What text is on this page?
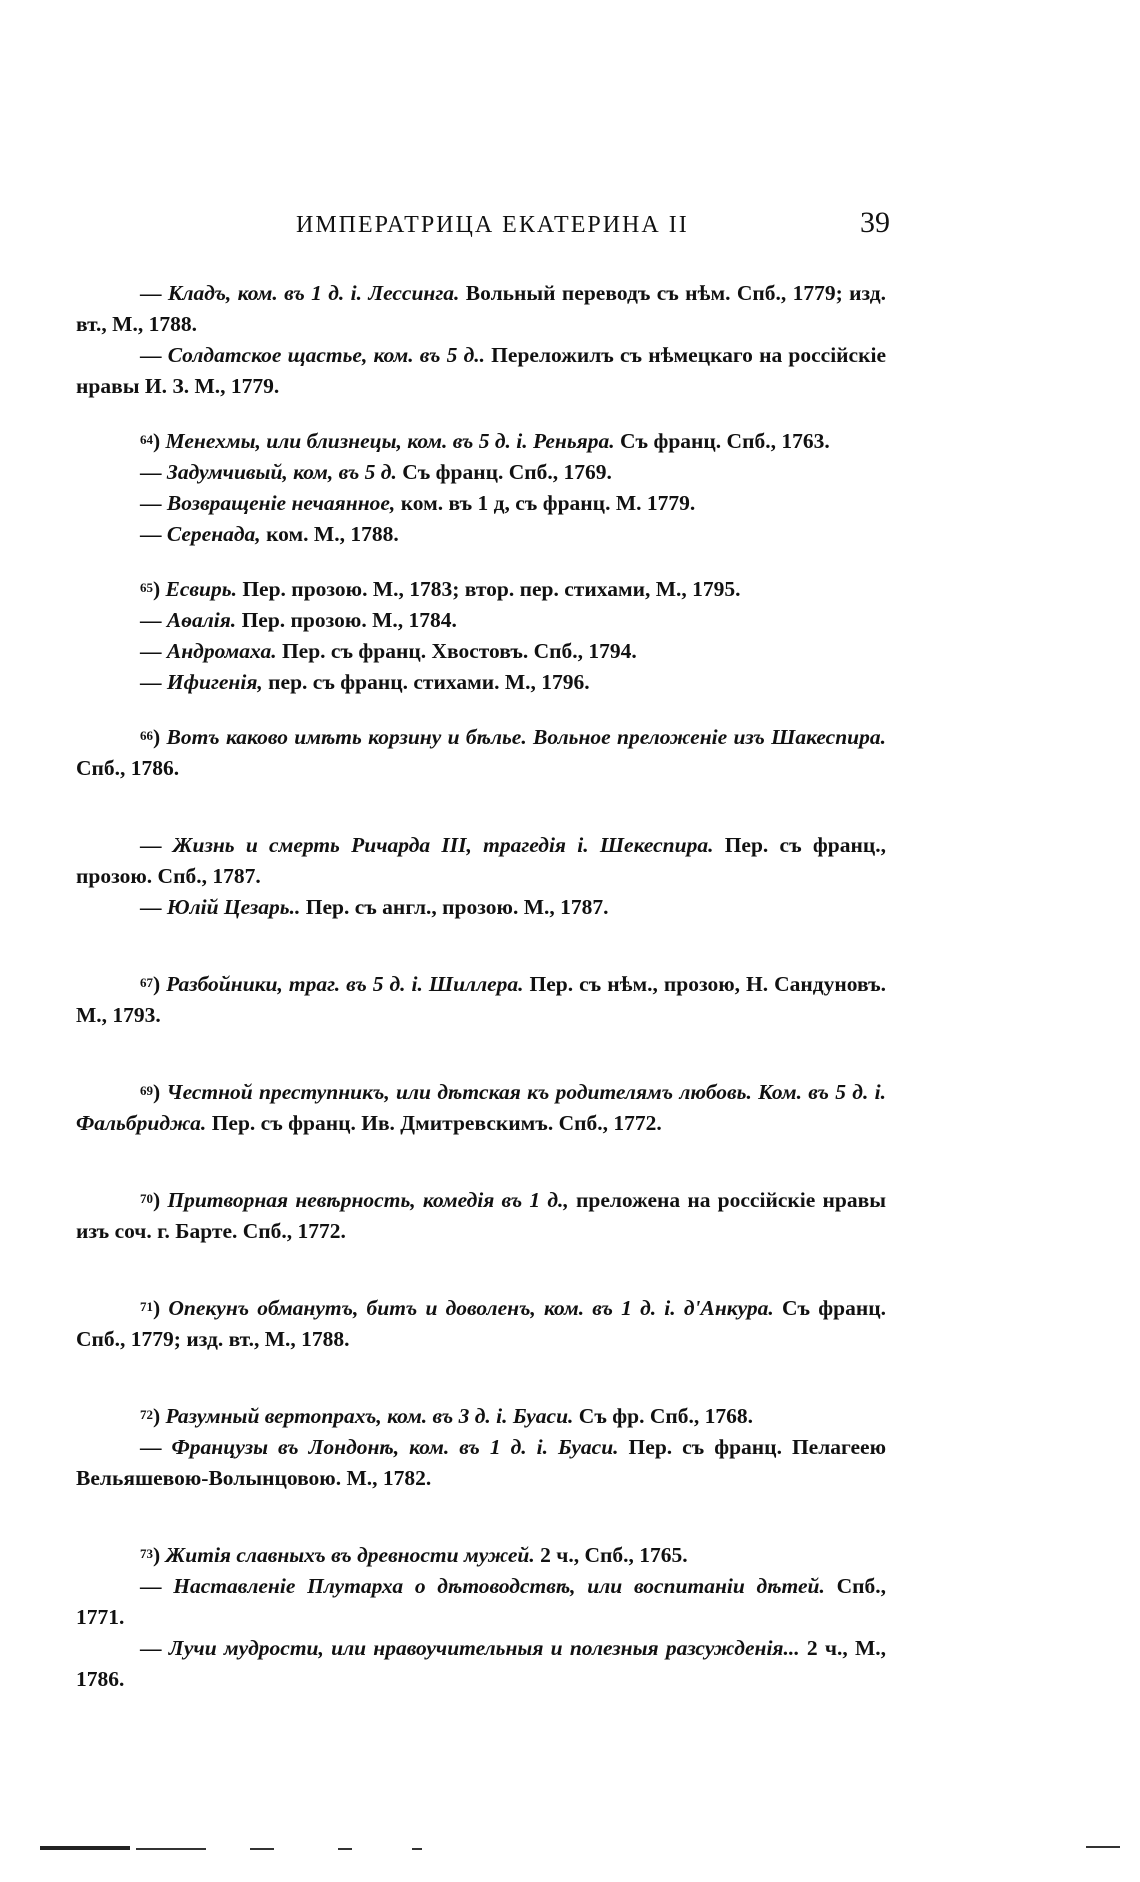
ИМПЕРАТРИЦА ЕКАТЕРИНА II	39

— Кладъ, ком. въ 1 д. і. Лессинга. Вольный переводъ съ нѣм. Спб., 1779; изд. вт., М., 1788.

— Солдатское щастье, ком. въ 5 д.. Переложилъ съ нѣмецкаго на россійскіе нравы И. З. М., 1779.

$^{64}$) Менехмы, или близнецы, ком. въ 5 д. і. Реньяра. Съ франц. Спб., 1763.

— Задумчивый, ком, въ 5 д. Съ франц. Спб., 1769.

— Возвращеніе нечаянное, ком. въ 1 д, съ франц. М. 1779.

— Серенада, ком. М., 1788.

$^{65}$) Есвирь. Пер. прозою. М., 1783; втор. пер. стихами, М., 1795.

— Аѳалія. Пер. прозою. М., 1784.

— Андромаха. Пер. съ франц. Хвостовъ. Спб., 1794.

— Ифигенія, пер. съ франц. стихами. М., 1796.

$^{66}$) Вотъ каково имѣть корзину и бѣлье. Вольное преложеніе изъ Шакеспира. Спб., 1786.

— Жизнь и смерть Ричарда III, трагедія і. Шекеспира. Пер. съ франц., прозою. Спб., 1787.

— Юлій Цезарь.. Пер. съ англ., прозою. М., 1787.

$^{67}$) Разбойники, траг. въ 5 д. і. Шиллера. Пер. съ нѣм., прозою, Н. Сандуновъ. М., 1793.

$^{69}$) Честной преступникъ, или дѣтская къ родителямъ любовь. Ком. въ 5 д. і. Фальбриджа. Пер. съ франц. Ив. Дмитревскимъ. Спб., 1772.

$^{70}$) Притворная невѣрность, комедія въ 1 д., преложена на россійскіе нравы изъ соч. г. Барте. Спб., 1772.

$^{71}$) Опекунъ обманутъ, битъ и доволенъ, ком. въ 1 д. і. д'Анкура. Съ франц. Спб., 1779; изд. вт., М., 1788.

$^{72}$) Разумный вертопрахъ, ком. въ 3 д. і. Буаси. Съ фр. Спб., 1768.

— Французы въ Лондонѣ, ком. въ 1 д. і. Буаси. Пер. съ франц. Пелагеею Вельяшевою-Волынцовою. М., 1782.

$^{73}$) Житія славныхъ въ древности мужей. 2 ч., Спб., 1765.

— Наставленіе Плутарха о дѣтоводствѣ, или воспитаніи дѣтей. Спб., 1771.

— Лучи мудрости, или нравоучительныя и полезныя разсужденія... 2 ч., М., 1786.
